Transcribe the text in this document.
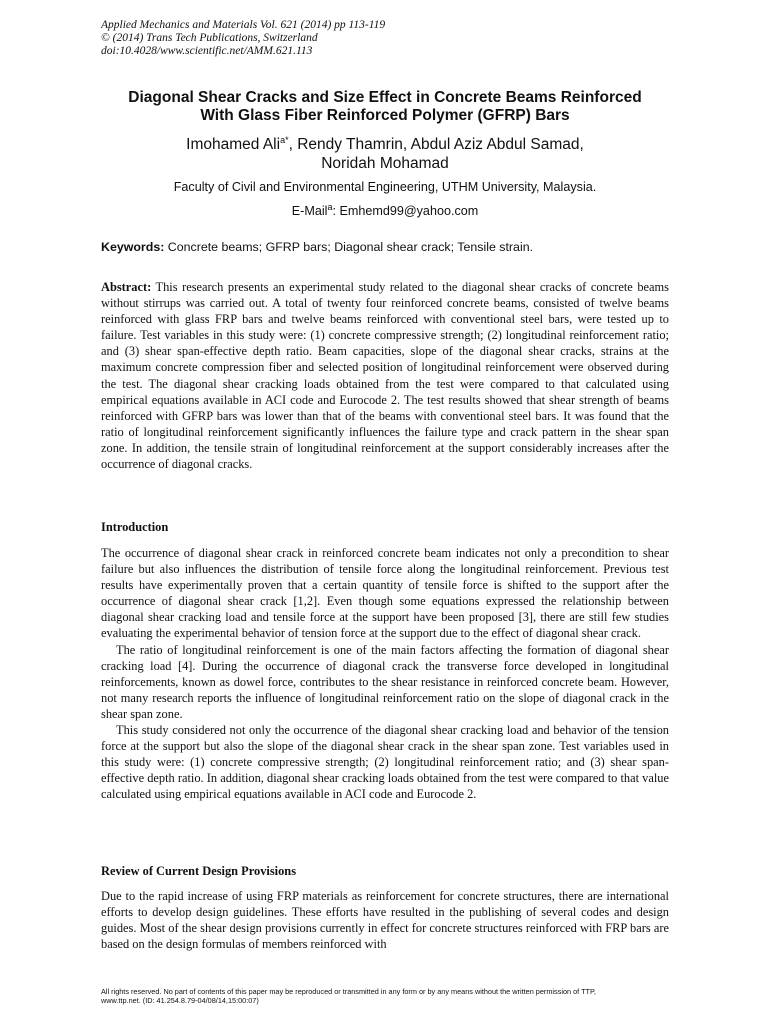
Applied Mechanics and Materials Vol. 621 (2014) pp 113-119
© (2014) Trans Tech Publications, Switzerland
doi:10.4028/www.scientific.net/AMM.621.113
Diagonal Shear Cracks and Size Effect in Concrete Beams Reinforced
With Glass Fiber Reinforced Polymer (GFRP) Bars
Imohamed Ali$^{a*}$, Rendy Thamrin, Abdul Aziz Abdul Samad,
Noridah Mohamad
Faculty of Civil and Environmental Engineering, UTHM University, Malaysia.
E-Mail$^a$: Emhemd99@yahoo.com
Keywords: Concrete beams; GFRP bars; Diagonal shear crack; Tensile strain.
Abstract: This research presents an experimental study related to the diagonal shear cracks of concrete beams without stirrups was carried out. A total of twenty four reinforced concrete beams, consisted of twelve beams reinforced with glass FRP bars and twelve beams reinforced with conventional steel bars, were tested up to failure. Test variables in this study were: (1) concrete compressive strength; (2) longitudinal reinforcement ratio; and (3) shear span-effective depth ratio. Beam capacities, slope of the diagonal shear cracks, strains at the maximum concrete compression fiber and selected position of longitudinal reinforcement were observed during the test. The diagonal shear cracking loads obtained from the test were compared to that calculated using empirical equations available in ACI code and Eurocode 2. The test results showed that shear strength of beams reinforced with GFRP bars was lower than that of the beams with conventional steel bars. It was found that the ratio of longitudinal reinforcement significantly influences the failure type and crack pattern in the shear span zone. In addition, the tensile strain of longitudinal reinforcement at the support considerably increases after the occurrence of diagonal cracks.
Introduction

The occurrence of diagonal shear crack in reinforced concrete beam indicates not only a precondition to shear failure but also influences the distribution of tensile force along the longitudinal reinforcement. Previous test results have experimentally proven that a certain quantity of tensile force is shifted to the support after the occurrence of diagonal shear crack [1,2]. Even though some equations expressed the relationship between diagonal shear cracking load and tensile force at the support have been proposed [3], there are still few studies evaluating the experimental behavior of tension force at the support due to the effect of diagonal shear crack.

The ratio of longitudinal reinforcement is one of the main factors affecting the formation of diagonal shear cracking load [4]. During the occurrence of diagonal crack the transverse force developed in longitudinal reinforcements, known as dowel force, contributes to the shear resistance in reinforced concrete beam. However, not many research reports the influence of longitudinal reinforcement ratio on the slope of diagonal crack in the shear span zone.

This study considered not only the occurrence of the diagonal shear cracking load and behavior of the tension force at the support but also the slope of the diagonal shear crack in the shear span zone. Test variables used in this study were: (1) concrete compressive strength; (2) longitudinal reinforcement ratio; and (3) shear span-effective depth ratio. In addition, diagonal shear cracking loads obtained from the test were compared to that value calculated using empirical equations available in ACI code and Eurocode 2.

Review of Current Design Provisions

Due to the rapid increase of using FRP materials as reinforcement for concrete structures, there are international efforts to develop design guidelines. These efforts have resulted in the publishing of several codes and design guides. Most of the shear design provisions currently in effect for concrete structures reinforced with FRP bars are based on the design formulas of members reinforced with

All rights reserved. No part of contents of this paper may be reproduced or transmitted in any form or by any means without the written permission of TTP,
www.ttp.net. (ID: 41.254.8.79-04/08/14,15:00:07)
